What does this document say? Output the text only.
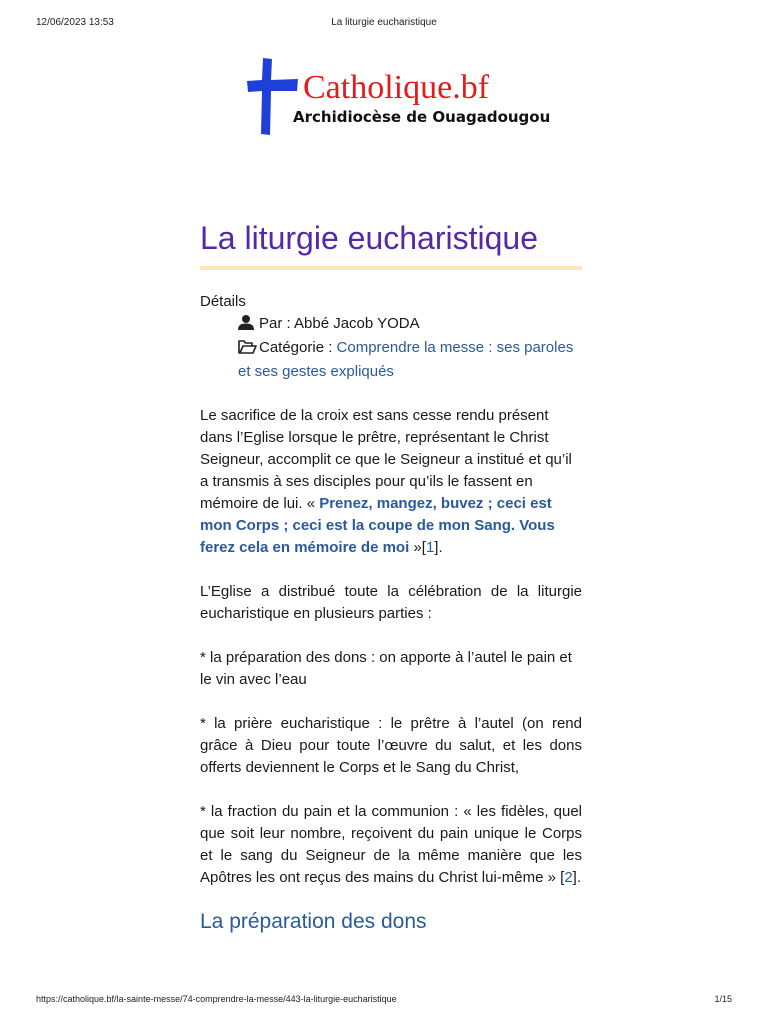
12/06/2023 13:53	La liturgie eucharistique
Catholique.bf
Archidiocèse de Ouagadougou
La liturgie eucharistique
Détails
Par : Abbé Jacob YODA
Catégorie : Comprendre la messe : ses paroles et ses gestes expliqués

Le sacrifice de la croix est sans cesse rendu présent dans l’Eglise lorsque le prêtre, représentant le Christ Seigneur, accomplit ce que le Seigneur a institué et qu’il a transmis à ses disciples pour qu’ils le fassent en mémoire de lui. « Prenez, mangez, buvez ; ceci est mon Corps ; ceci est la coupe de mon Sang. Vous ferez cela en mémoire de moi »[1].

L’Eglise a distribué toute la célébration de la liturgie eucharistique en plusieurs parties :

* la préparation des dons : on apporte à l’autel le pain et le vin avec l’eau

* la prière eucharistique : le prêtre à l’autel (on rend grâce à Dieu pour toute l’œuvre du salut, et les dons offerts deviennent le Corps et le Sang du Christ,

* la fraction du pain et la communion : « les fidèles, quel que soit leur nombre, reçoivent du pain unique le Corps et le sang du Seigneur de la même manière que les Apôtres les ont reçus des mains du Christ lui-même » [2].

La préparation des dons
https://catholique.bf/la-sainte-messe/74-comprendre-la-messe/443-la-liturgie-eucharistique	1/15
